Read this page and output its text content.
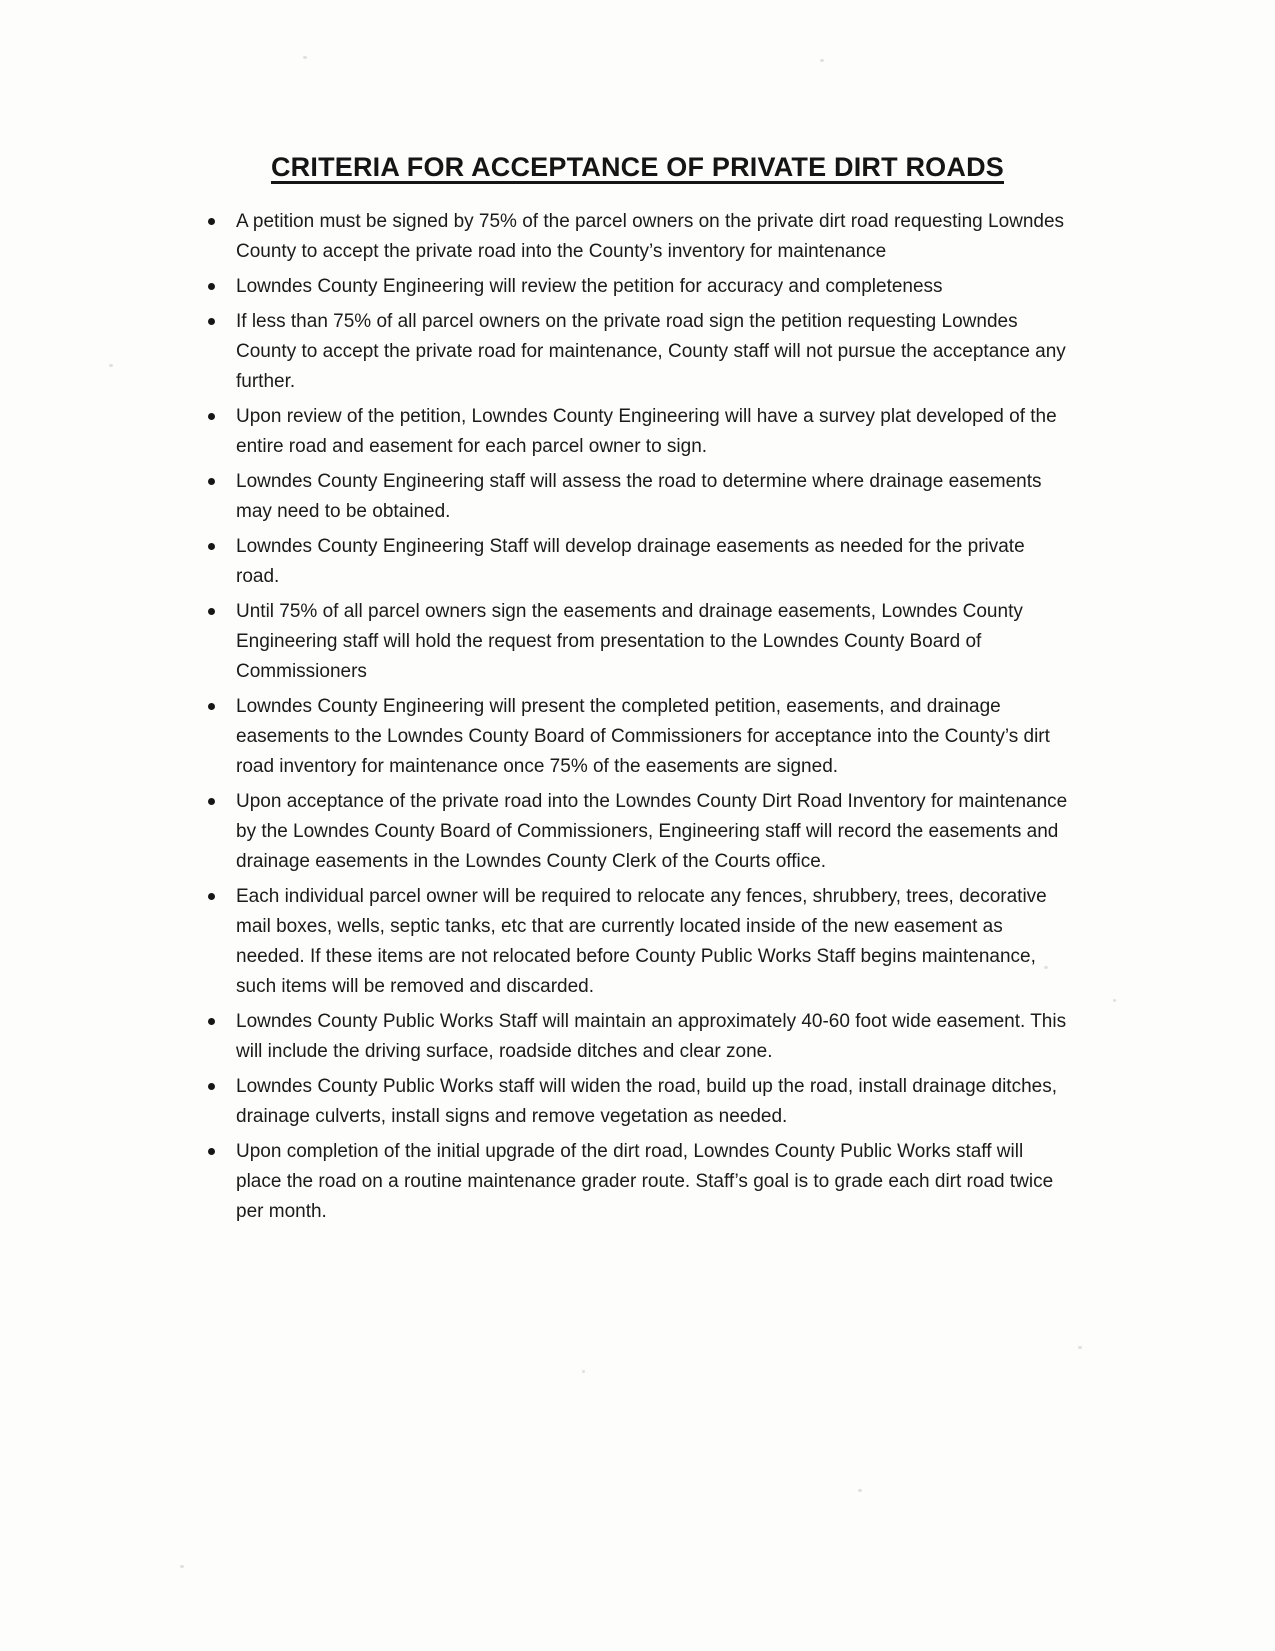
CRITERIA FOR ACCEPTANCE OF PRIVATE DIRT ROADS
A petition must be signed by 75% of the parcel owners on the private dirt road requesting Lowndes County to accept the private road into the County’s inventory for maintenance
Lowndes County Engineering will review the petition for accuracy and completeness
If less than 75% of all parcel owners on the private road sign the petition requesting Lowndes County to accept the private road for maintenance, County staff will not pursue the acceptance any further.
Upon review of the petition, Lowndes County Engineering will have a survey plat developed of the entire road and easement for each parcel owner to sign.
Lowndes County Engineering staff will assess the road to determine where drainage easements may need to be obtained.
Lowndes County Engineering Staff will develop drainage easements as needed for the private road.
Until 75% of all parcel owners sign the easements and drainage easements, Lowndes County Engineering staff will hold the request from presentation to the Lowndes County Board of Commissioners
Lowndes County Engineering will present the completed petition, easements, and drainage easements to the Lowndes County Board of Commissioners for acceptance into the County’s dirt road inventory for maintenance once 75% of the easements are signed.
Upon acceptance of the private road into the Lowndes County Dirt Road Inventory for maintenance by the Lowndes County Board of Commissioners, Engineering staff will record the easements and drainage easements in the Lowndes County Clerk of the Courts office.
Each individual parcel owner will be required to relocate any fences, shrubbery, trees, decorative mail boxes, wells, septic tanks, etc that are currently located inside of the new easement as needed. If these items are not relocated before County Public Works Staff begins maintenance, such items will be removed and discarded.
Lowndes County Public Works Staff will maintain an approximately 40-60 foot wide easement. This will include the driving surface, roadside ditches and clear zone.
Lowndes County Public Works staff will widen the road, build up the road, install drainage ditches, drainage culverts, install signs and remove vegetation as needed.
Upon completion of the initial upgrade of the dirt road, Lowndes County Public Works staff will place the road on a routine maintenance grader route. Staff’s goal is to grade each dirt road twice per month.
